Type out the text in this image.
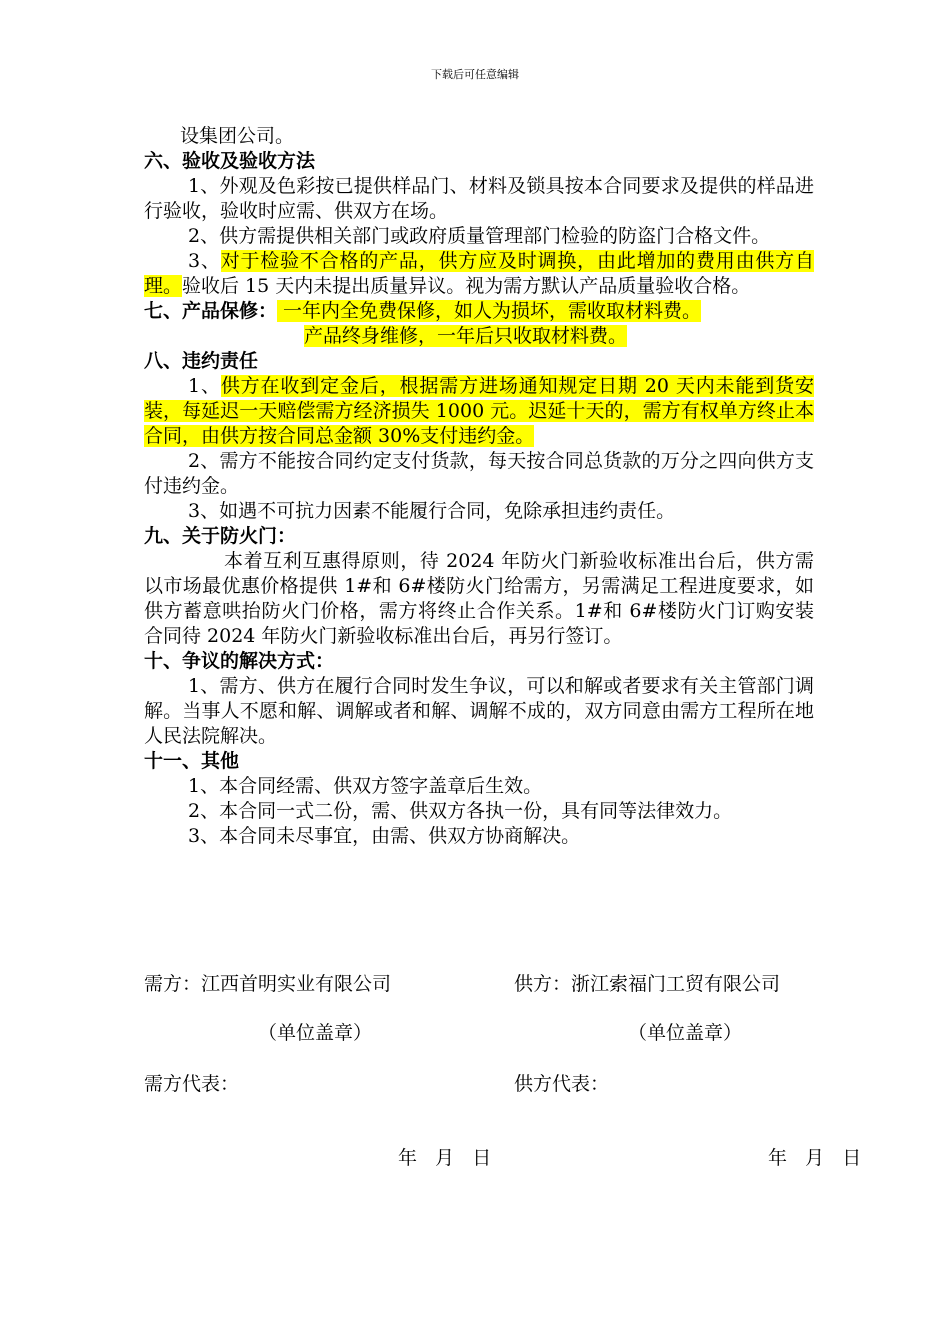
下载后可任意编辑

设集团公司。

六、验收及验收方法

1、外观及色彩按已提供样品门、材料及锁具按本合同要求及提供的样品进行验收，验收时应需、供双方在场。

2、供方需提供相关部门或政府质量管理部门检验的防盗门合格文件。

3、对于检验不合格的产品，供方应及时调换，由此增加的费用由供方自理。验收后 15 天内未提出质量异议。视为需方默认产品质量验收合格。

七、产品保修： 一年内全免费保修，如人为损坏，需收取材料费。

产品终身维修，一年后只收取材料费。

八、违约责任

1、供方在收到定金后，根据需方进场通知规定日期 20 天内未能到货安装，每延迟一天赔偿需方经济损失 1000 元。迟延十天的，需方有权单方终止本合同，由供方按合同总金额 30%支付违约金。

2、需方不能按合同约定支付货款，每天按合同总货款的万分之四向供方支付违约金。

3、如遇不可抗力因素不能履行合同，免除承担违约责任。

九、关于防火门：

本着互利互惠得原则，待 2024 年防火门新验收标准出台后，供方需以市场最优惠价格提供 1#和 6#楼防火门给需方，另需满足工程进度要求，如供方蓄意哄抬防火门价格，需方将终止合作关系。1#和 6#楼防火门订购安装合同待 2024 年防火门新验收标准出台后，再另行签订。

十、争议的解决方式：

1、需方、供方在履行合同时发生争议，可以和解或者要求有关主管部门调解。当事人不愿和解、调解或者和解、调解不成的，双方同意由需方工程所在地人民法院解决。

十一、其他

1、本合同经需、供双方签字盖章后生效。

2、本合同一式二份，需、供双方各执一份，具有同等法律效力。

3、本合同未尽事宜，由需、供双方协商解决。

需方：江西首明实业有限公司	供方：浙江索福门工贸有限公司
（单位盖章）	（单位盖章）
需方代表：	供方代表：
年   月   日	年   月   日
